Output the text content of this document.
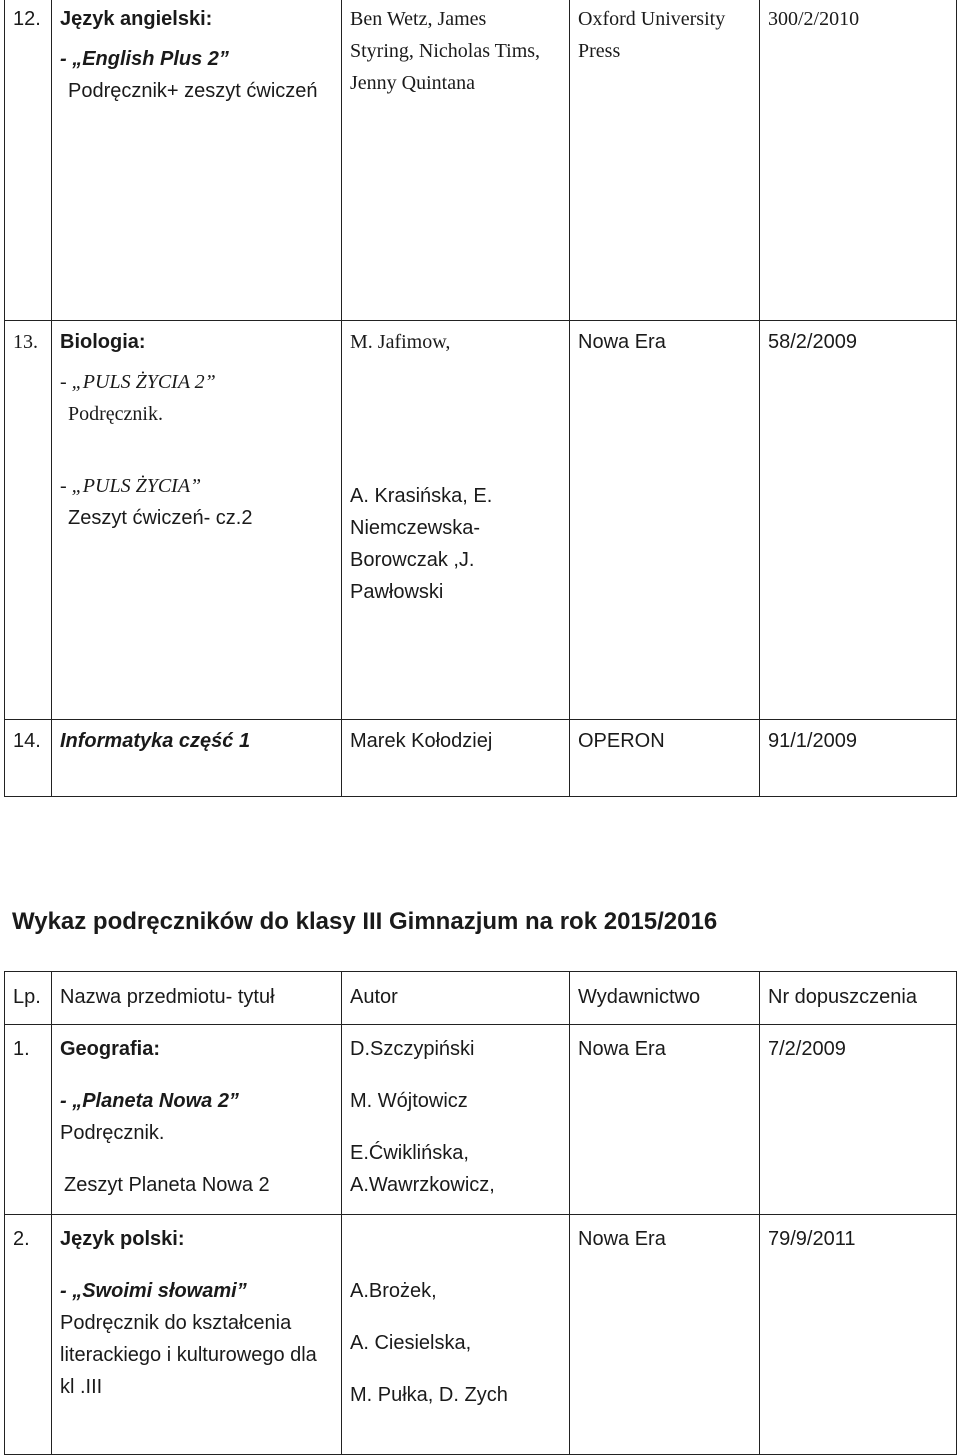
12.	Język angielski:
- „English Plus 2”
Podręcznik+ zeszyt ćwiczeń	Ben Wetz, James
Styring, Nicholas Tims,
Jenny Quintana	Oxford University
Press	300/2/2010

13.	Biologia:
- „PULS ŻYCIA 2”
Podręcznik.
- „PULS ŻYCIA”
Zeszyt ćwiczeń- cz.2	M. Jafimow,
A. Krasińska, E.
Niemczewska-
Borowczak ,J.
Pawłowski	Nowa Era	58/2/2009

14.	Informatyka część 1	Marek Kołodziej	OPERON	91/1/2009
Wykaz podręczników do klasy III Gimnazjum na rok 2015/2016
Lp.	Nazwa przedmiotu- tytuł	Autor	Wydawnictwo	Nr dopuszczenia

1.	Geografia:
- „Planeta Nowa 2”
Podręcznik.
Zeszyt Planeta Nowa 2	D.Szczypiński
M. Wójtowicz
E.Ćwiklińska,
A.Wawrzkowicz,	Nowa Era	7/2/2009

2.	Język polski:
- „Swoimi słowami”
Podręcznik do kształcenia
literackiego i kulturowego dla
kl .III	A.Brożek,
A. Ciesielska,
M. Pułka, D. Zych	Nowa Era	79/9/2011
